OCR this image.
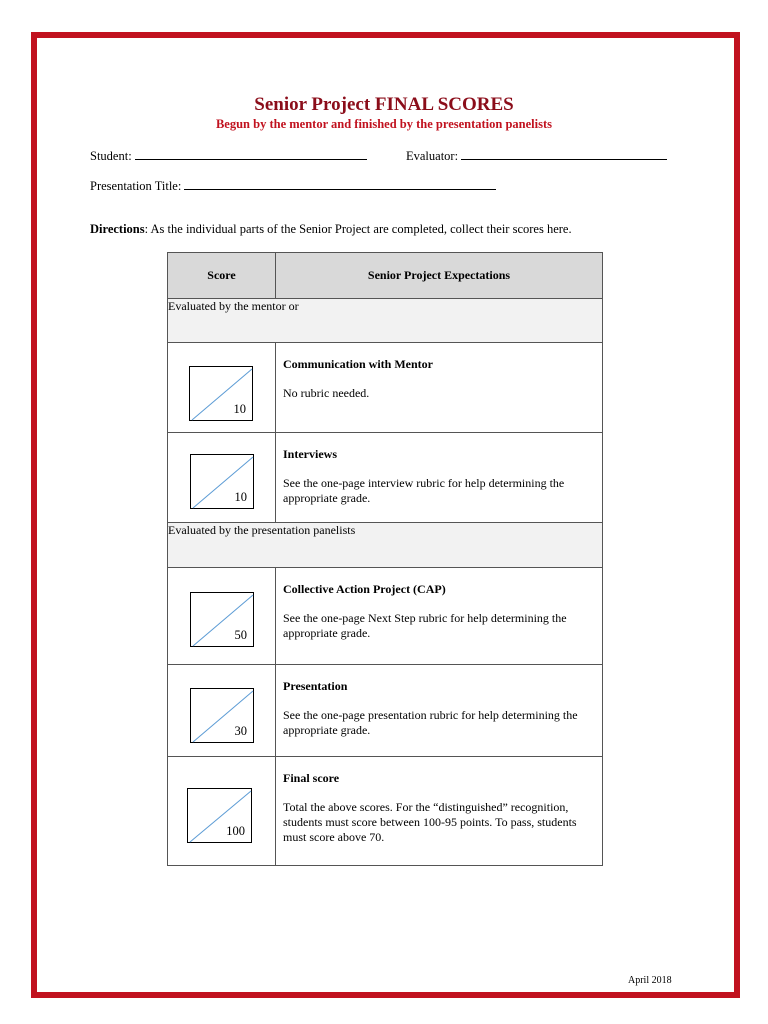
Senior Project FINAL SCORES
Begun by the mentor and finished by the presentation panelists
Student:	Evaluator:
Presentation Title:
Directions: As the individual parts of the Senior Project are completed, collect their scores here.
Score	Senior Project Expectations
Evaluated by the mentor or	

10	Communication with Mentor
No rubric needed.

10	Interviews
See the one-page interview rubric for help determining the appropriate grade.

Evaluated by the presentation panelists	

50	Collective Action Project (CAP)
See the one-page Next Step rubric for help determining the appropriate grade.

30	Presentation
See the one-page presentation rubric for help determining the appropriate grade.

100	Final score
Total the above scores. For the “distinguished” recognition, students must score between 100-95 points. To pass, students must score above 70.
April 2018
